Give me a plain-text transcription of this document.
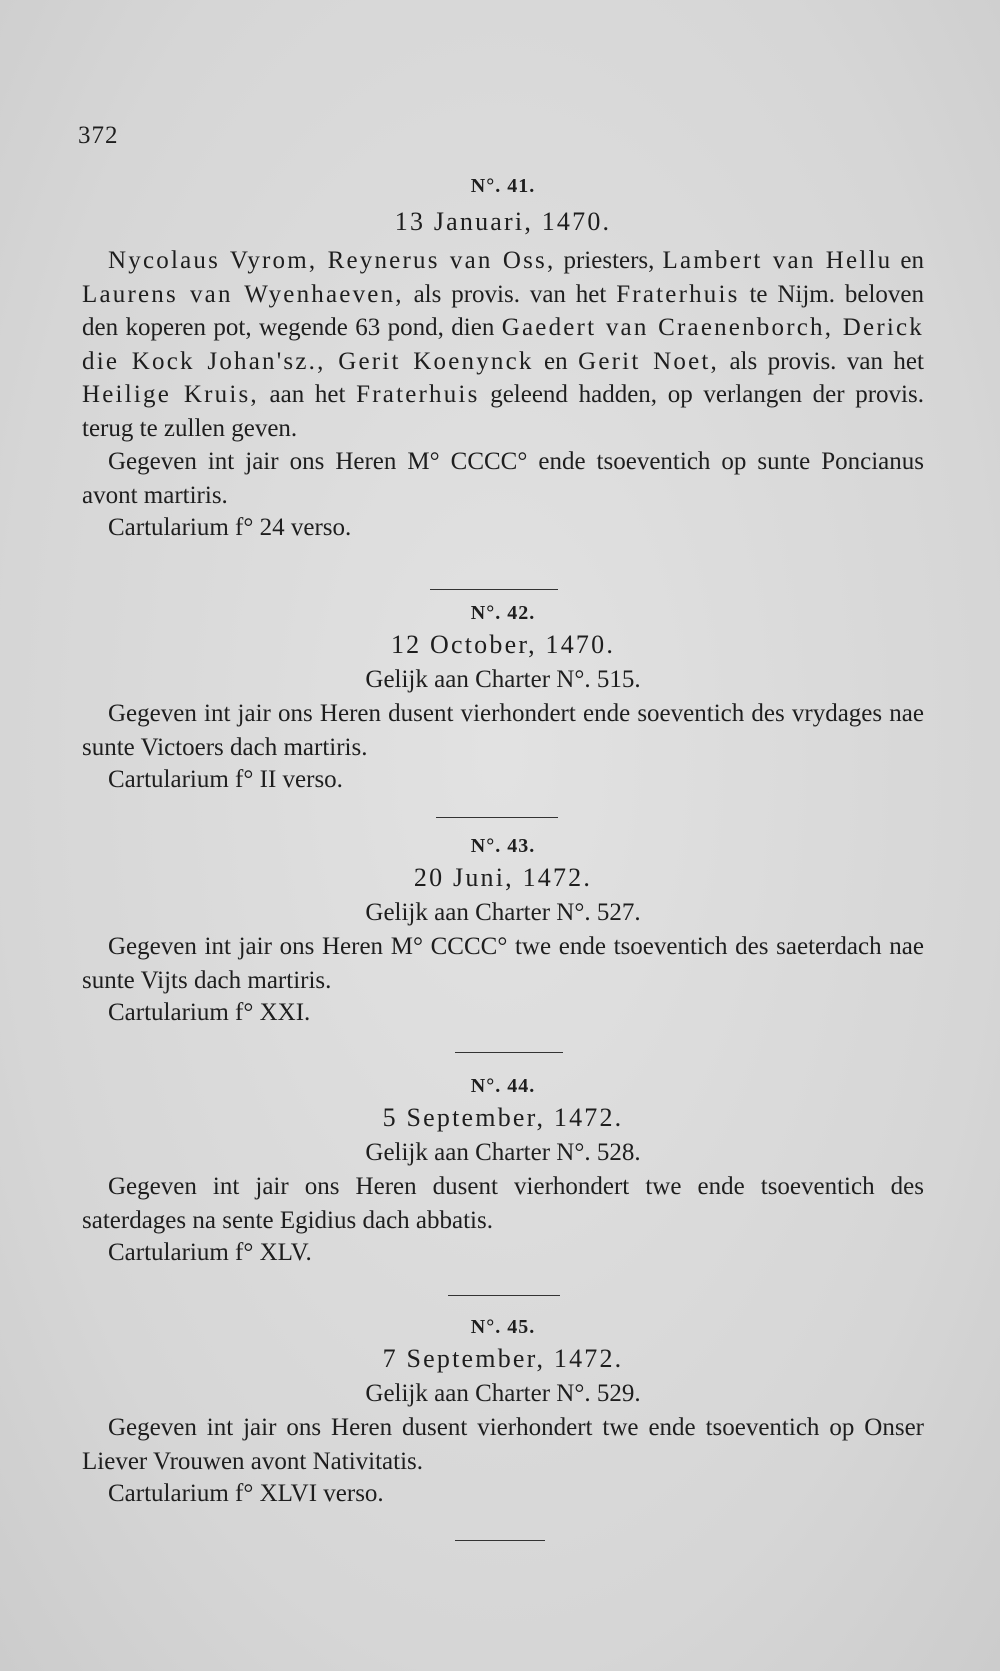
372
N°. 41.
13 Januari, 1470.

Nycolaus Vyrom, Reynerus van Oss, priesters, Lambert van Hellu en Laurens van Wyenhaeven, als provis. van het Fraterhuis te Nijm. beloven den koperen pot, wegende 63 pond, dien Gaedert van Craenenborch, Derick die Kock Johan'sz., Gerit Koenynck en Gerit Noet, als provis. van het Heilige Kruis, aan het Fraterhuis geleend hadden, op verlangen der provis. terug te zullen geven.

Gegeven int jair ons Heren M° CCCC° ende tsoeventich op sunte Poncianus avont martiris.

Cartularium f° 24 verso.

N°. 42.
12 October, 1470.
Gelijk aan Charter N°. 515.

Gegeven int jair ons Heren dusent vierhondert ende soeventich des vrydages nae sunte Victoers dach martiris.

Cartularium f° II verso.

N°. 43.
20 Juni, 1472.
Gelijk aan Charter N°. 527.

Gegeven int jair ons Heren M° CCCC° twe ende tsoeventich des saeterdach nae sunte Vijts dach martiris.

Cartularium f° XXI.

N°. 44.
5 September, 1472.
Gelijk aan Charter N°. 528.

Gegeven int jair ons Heren dusent vierhondert twe ende tsoeventich des saterdages na sente Egidius dach abbatis.

Cartularium f° XLV.

N°. 45.
7 September, 1472.
Gelijk aan Charter N°. 529.

Gegeven int jair ons Heren dusent vierhondert twe ende tsoeventich op Onser Liever Vrouwen avont Nativitatis.

Cartularium f° XLVI verso.
